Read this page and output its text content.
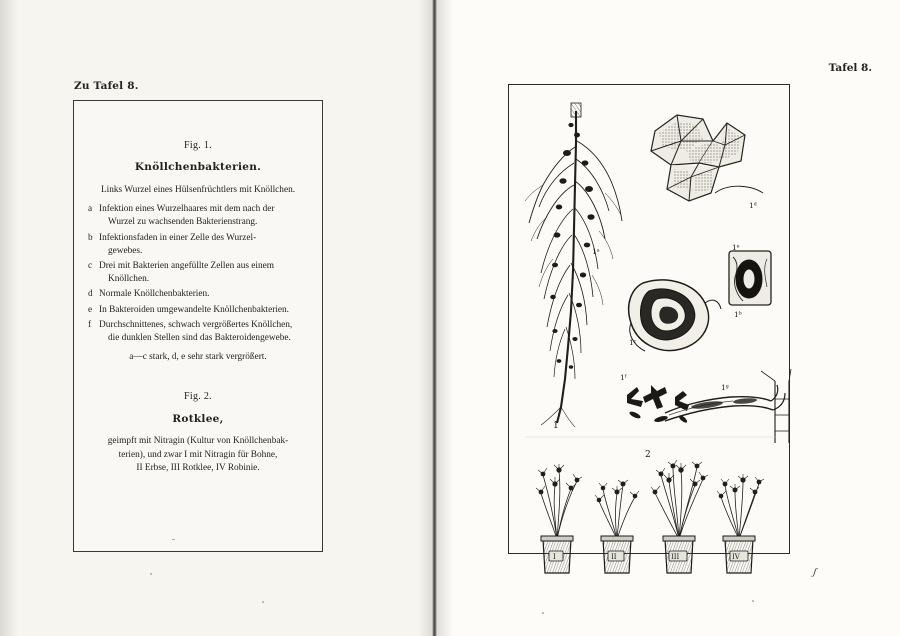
Zu Tafel 8.
Fig. 1.
Knöllchenbakterien.
Links Wurzel eines Hülsenfrüchtlers mit Knöllchen.
a Infektion eines Wurzelhaares mit dem nach der
Wurzel zu wachsenden Bakterienstrang.
b Infektionsfaden in einer Zelle des Wurzel-
gewebes.
c Drei mit Bakterien angefüllte Zellen aus einem
Knöllchen.
d Normale Knöllchenbakterien.
e In Bakteroiden umgewandelte Knöllchenbakterien.
f Durchschnittenes, schwach vergrößertes Knöllchen,
die dunklen Stellen sind das Bakteroidengewebe.
a—c stark, d, e sehr stark vergrößert.
Fig. 2.
Rotklee,
geimpft mit Nitragin (Kultur von Knöllchenbak-
terien), und zwar I mit Nitragin für Bohne,
II Erbse, III Rotklee, IV Robinie.
Tafel 8.
I	II	III	IV
1
2
1ᵃ
1ᵇ
1ᶜ
1ᵈ
1ᵉ
1ᶠ
1ᵍ
ʃ
